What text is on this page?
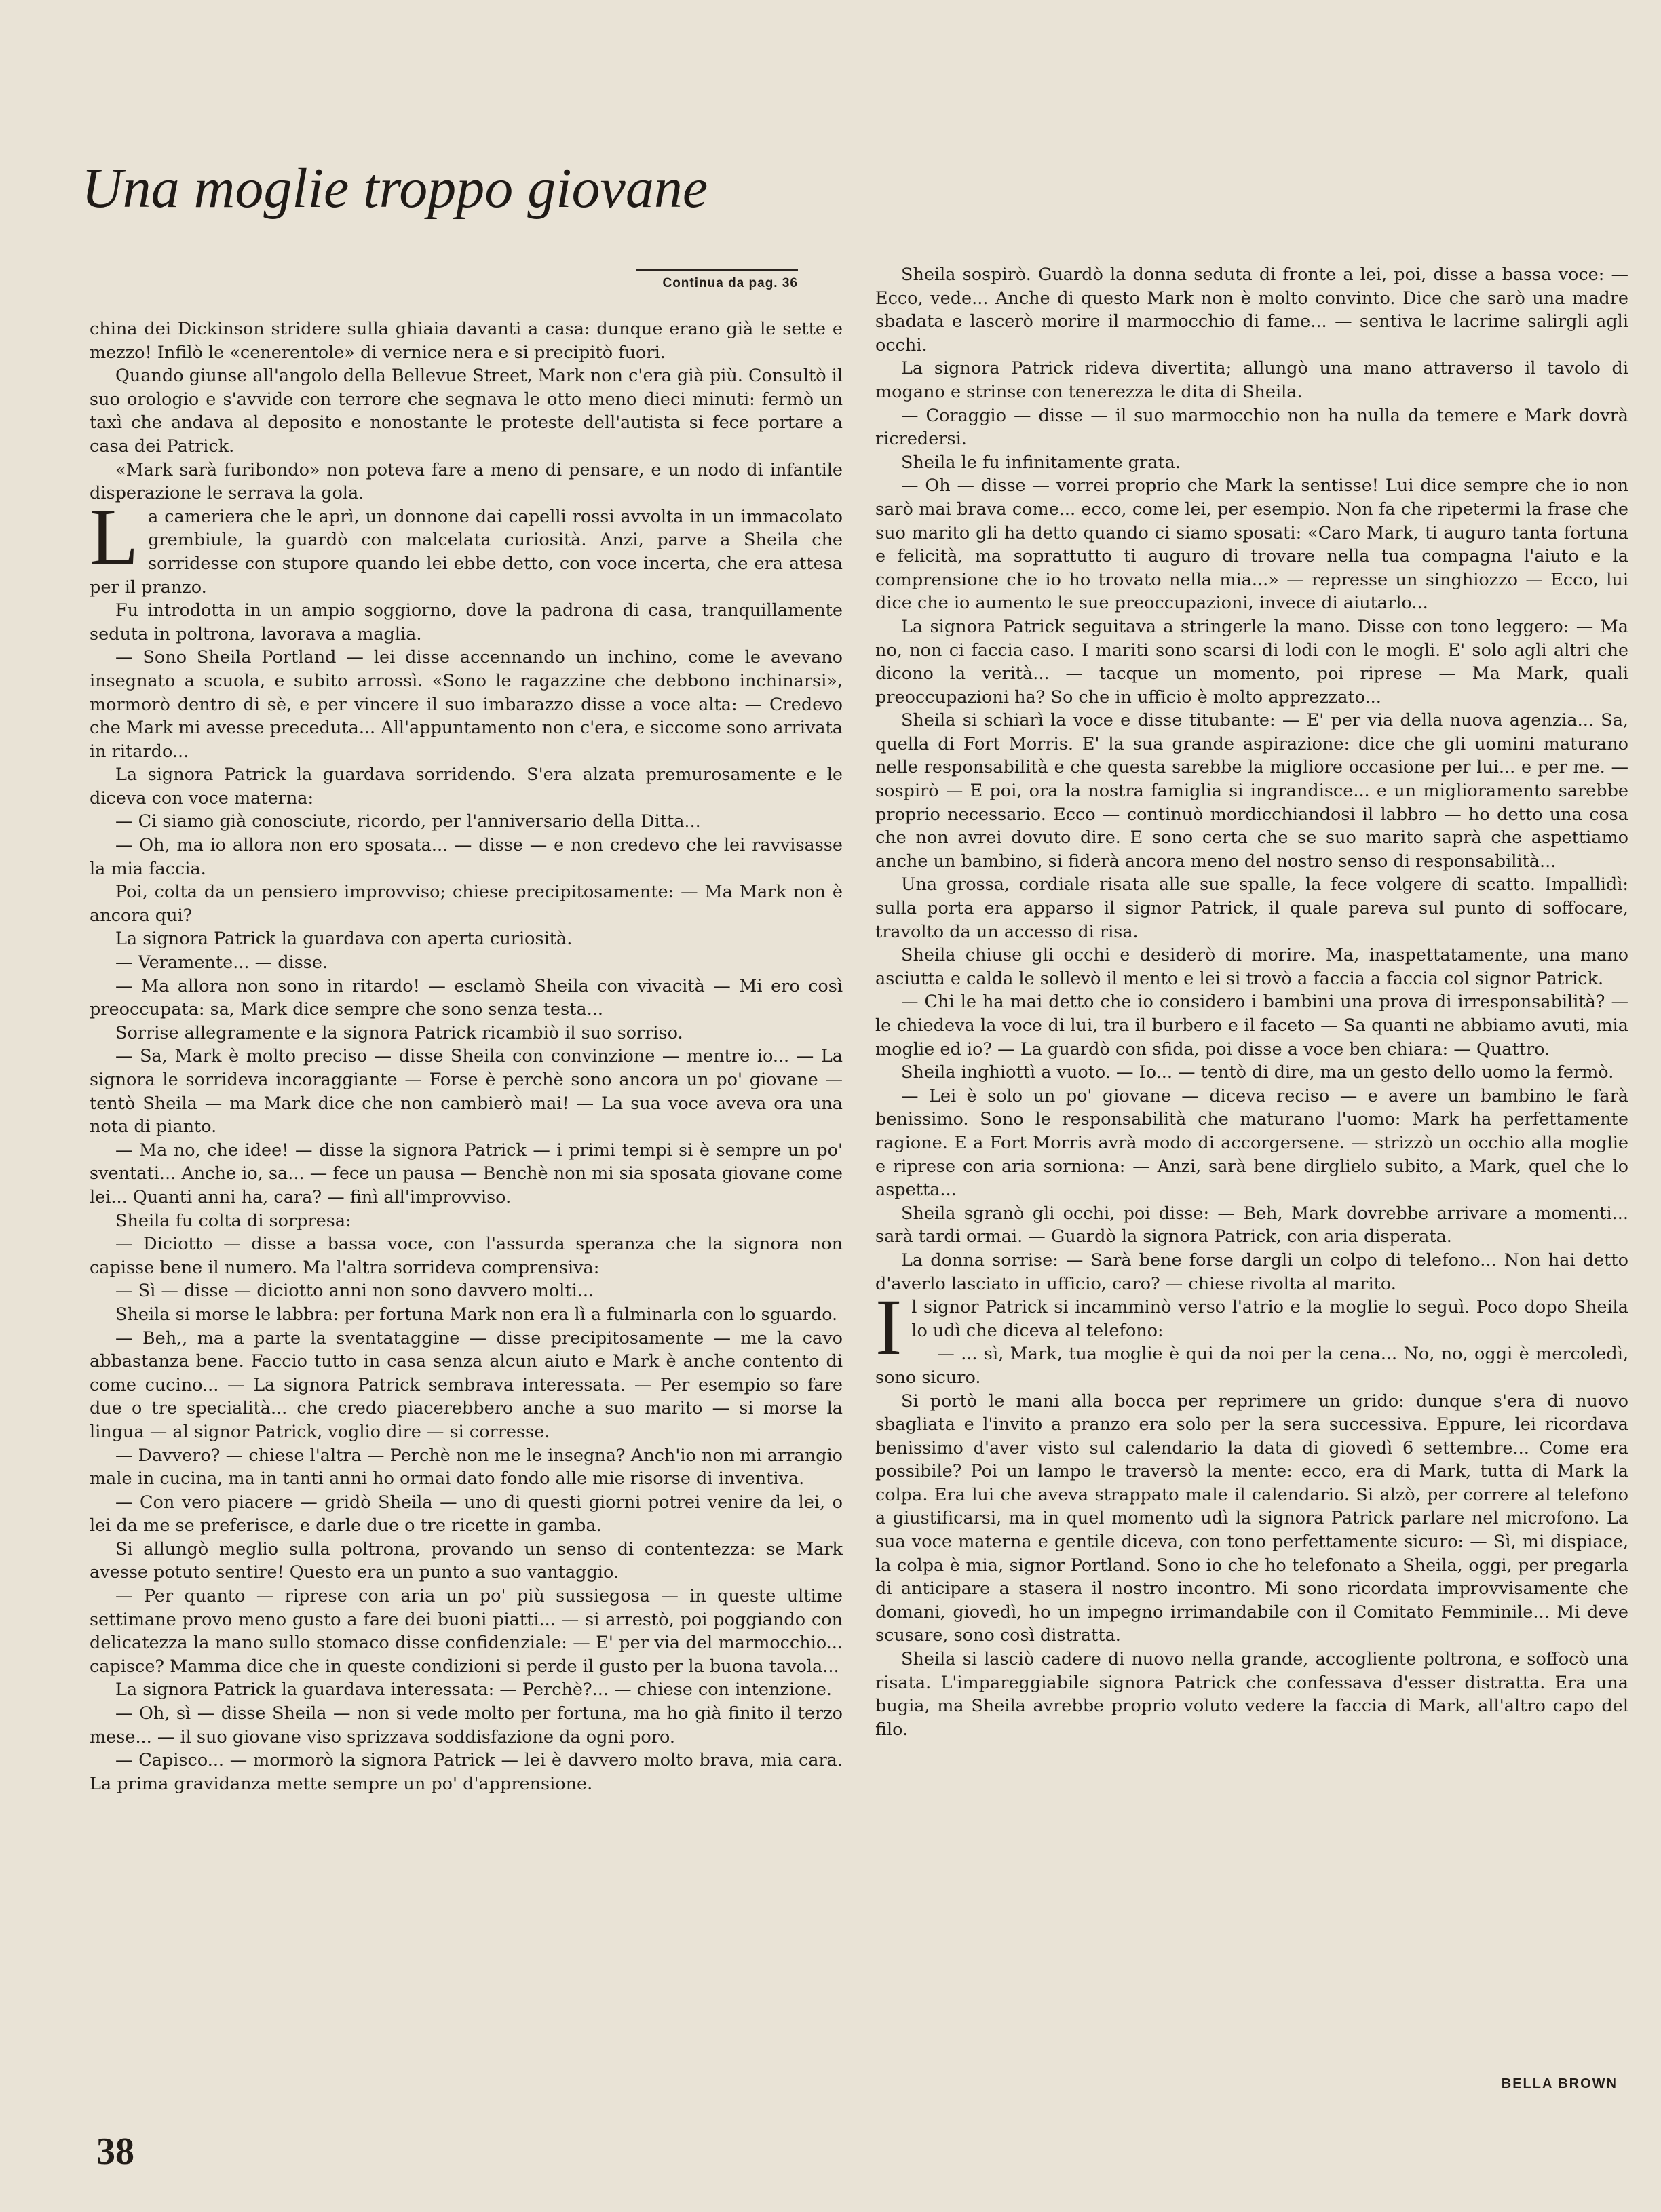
Una moglie troppo giovane
Continua da pag. 36

china dei Dickinson stridere sulla ghiaia davanti a casa: dunque erano già le sette e mezzo! Infilò le «cenerentole» di vernice nera e si precipitò fuori.

Quando giunse all'angolo della Bellevue Street, Mark non c'era già più. Consultò il suo orologio e s'avvide con terrore che segnava le otto meno dieci minuti: fermò un taxì che andava al deposito e nonostante le proteste dell'autista si fece portare a casa dei Patrick.

«Mark sarà furibondo» non poteva fare a meno di pensare, e un nodo di infantile disperazione le serrava la gola.

La cameriera che le aprì, un donnone dai capelli rossi avvolta in un immacolato grembiule, la guardò con malcelata curiosità. Anzi, parve a Sheila che sorridesse con stupore quando lei ebbe detto, con voce incerta, che era attesa per il pranzo.

Fu introdotta in un ampio soggiorno, dove la padrona di casa, tranquillamente seduta in poltrona, lavorava a maglia.

— Sono Sheila Portland — lei disse accennando un inchino, come le avevano insegnato a scuola, e subito arrossì. «Sono le ragazzine che debbono inchinarsi», mormorò dentro di sè, e per vincere il suo imbarazzo disse a voce alta: — Credevo che Mark mi avesse preceduta... All'appuntamento non c'era, e siccome sono arrivata in ritardo...

La signora Patrick la guardava sorridendo. S'era alzata premurosamente e le diceva con voce materna:

— Ci siamo già conosciute, ricordo, per l'anniversario della Ditta...

— Oh, ma io allora non ero sposata... — disse — e non credevo che lei ravvisasse la mia faccia.

Poi, colta da un pensiero improvviso; chiese precipitosamente: — Ma Mark non è ancora qui?

La signora Patrick la guardava con aperta curiosità.

— Veramente... — disse.

— Ma allora non sono in ritardo! — esclamò Sheila con vivacità — Mi ero così preoccupata: sa, Mark dice sempre che sono senza testa...

Sorrise allegramente e la signora Patrick ricambiò il suo sorriso.

— Sa, Mark è molto preciso — disse Sheila con convinzione — mentre io... — La signora le sorrideva incoraggiante — Forse è perchè sono ancora un po' giovane — tentò Sheila — ma Mark dice che non cambierò mai! — La sua voce aveva ora una nota di pianto.

— Ma no, che idee! — disse la signora Patrick — i primi tempi si è sempre un po' sventati... Anche io, sa... — fece un pausa — Benchè non mi sia sposata giovane come lei... Quanti anni ha, cara? — finì all'improvviso.

Sheila fu colta di sorpresa:

— Diciotto — disse a bassa voce, con l'assurda speranza che la signora non capisse bene il numero. Ma l'altra sorrideva comprensiva:

— Sì — disse — diciotto anni non sono davvero molti...

Sheila si morse le labbra: per fortuna Mark non era lì a fulminarla con lo sguardo.

— Beh,, ma a parte la sventataggine — disse precipitosamente — me la cavo abbastanza bene. Faccio tutto in casa senza alcun aiuto e Mark è anche contento di come cucino... — La signora Patrick sembrava interessata. — Per esempio so fare due o tre specialità... che credo piacerebbero anche a suo marito — si morse la lingua — al signor Patrick, voglio dire — si corresse.

— Davvero? — chiese l'altra — Perchè non me le insegna? Anch'io non mi arrangio male in cucina, ma in tanti anni ho ormai dato fondo alle mie risorse di inventiva.

— Con vero piacere — gridò Sheila — uno di questi giorni potrei venire da lei, o lei da me se preferisce, e darle due o tre ricette in gamba.

Si allungò meglio sulla poltrona, provando un senso di contentezza: se Mark avesse potuto sentire! Questo era un punto a suo vantaggio.

— Per quanto — riprese con aria un po' più sussiegosa — in queste ultime settimane provo meno gusto a fare dei buoni piatti... — si arrestò, poi poggiando con delicatezza la mano sullo stomaco disse confidenziale: — E' per via del marmocchio... capisce? Mamma dice che in queste condizioni si perde il gusto per la buona tavola...

La signora Patrick la guardava interessata: — Perchè?... — chiese con intenzione.

— Oh, sì — disse Sheila — non si vede molto per fortuna, ma ho già finito il terzo mese... — il suo giovane viso sprizzava soddisfazione da ogni poro.

— Capisco... — mormorò la signora Patrick — lei è davvero molto brava, mia cara. La prima gravidanza mette sempre un po' d'apprensione.

Sheila sospirò. Guardò la donna seduta di fronte a lei, poi, disse a bassa voce: — Ecco, vede... Anche di questo Mark non è molto convinto. Dice che sarò una madre sbadata e lascerò morire il marmocchio di fame... — sentiva le lacrime salirgli agli occhi.

La signora Patrick rideva divertita; allungò una mano attraverso il tavolo di mogano e strinse con tenerezza le dita di Sheila.

— Coraggio — disse — il suo marmocchio non ha nulla da temere e Mark dovrà ricredersi.

Sheila le fu infinitamente grata.

— Oh — disse — vorrei proprio che Mark la sentisse! Lui dice sempre che io non sarò mai brava come... ecco, come lei, per esempio. Non fa che ripetermi la frase che suo marito gli ha detto quando ci siamo sposati: «Caro Mark, ti auguro tanta fortuna e felicità, ma soprattutto ti auguro di trovare nella tua compagna l'aiuto e la comprensione che io ho trovato nella mia...» — represse un singhiozzo — Ecco, lui dice che io aumento le sue preoccupazioni, invece di aiutarlo...

La signora Patrick seguitava a stringerle la mano. Disse con tono leggero: — Ma no, non ci faccia caso. I mariti sono scarsi di lodi con le mogli. E' solo agli altri che dicono la verità... — tacque un momento, poi riprese — Ma Mark, quali preoccupazioni ha? So che in ufficio è molto apprezzato...

Sheila si schiarì la voce e disse titubante: — E' per via della nuova agenzia... Sa, quella di Fort Morris. E' la sua grande aspirazione: dice che gli uomini maturano nelle responsabilità e che questa sarebbe la migliore occasione per lui... e per me. — sospirò — E poi, ora la nostra famiglia si ingrandisce... e un miglioramento sarebbe proprio necessario. Ecco — continuò mordicchiandosi il labbro — ho detto una cosa che non avrei dovuto dire. E sono certa che se suo marito saprà che aspettiamo anche un bambino, si fiderà ancora meno del nostro senso di responsabilità...

Una grossa, cordiale risata alle sue spalle, la fece volgere di scatto. Impallidì: sulla porta era apparso il signor Patrick, il quale pareva sul punto di soffocare, travolto da un accesso di risa.

Sheila chiuse gli occhi e desiderò di morire. Ma, inaspettatamente, una mano asciutta e calda le sollevò il mento e lei si trovò a faccia a faccia col signor Patrick.

— Chi le ha mai detto che io considero i bambini una prova di irresponsabilità? — le chiedeva la voce di lui, tra il burbero e il faceto — Sa quanti ne abbiamo avuti, mia moglie ed io? — La guardò con sfida, poi disse a voce ben chiara: — Quattro.

Sheila inghiottì a vuoto. — Io... — tentò di dire, ma un gesto dello uomo la fermò.

— Lei è solo un po' giovane — diceva reciso — e avere un bambino le farà benissimo. Sono le responsabilità che maturano l'uomo: Mark ha perfettamente ragione. E a Fort Morris avrà modo di accorgersene. — strizzò un occhio alla moglie e riprese con aria sorniona: — Anzi, sarà bene dirglielo subito, a Mark, quel che lo aspetta...

Sheila sgranò gli occhi, poi disse: — Beh, Mark dovrebbe arrivare a momenti... sarà tardi ormai. — Guardò la signora Patrick, con aria disperata.

La donna sorrise: — Sarà bene forse dargli un colpo di telefono... Non hai detto d'averlo lasciato in ufficio, caro? — chiese rivolta al marito.

Il signor Patrick si incamminò verso l'atrio e la moglie lo seguì. Poco dopo Sheila lo udì che diceva al telefono:

— ... sì, Mark, tua moglie è qui da noi per la cena... No, no, oggi è mercoledì, sono sicuro.

Si portò le mani alla bocca per reprimere un grido: dunque s'era di nuovo sbagliata e l'invito a pranzo era solo per la sera successiva. Eppure, lei ricordava benissimo d'aver visto sul calendario la data di giovedì 6 settembre... Come era possibile? Poi un lampo le traversò la mente: ecco, era di Mark, tutta di Mark la colpa. Era lui che aveva strappato male il calendario. Si alzò, per correre al telefono a giustificarsi, ma in quel momento udì la signora Patrick parlare nel microfono. La sua voce materna e gentile diceva, con tono perfettamente sicuro: — Sì, mi dispiace, la colpa è mia, signor Portland. Sono io che ho telefonato a Sheila, oggi, per pregarla di anticipare a stasera il nostro incontro. Mi sono ricordata improvvisamente che domani, giovedì, ho un impegno irrimandabile con il Comitato Femminile... Mi deve scusare, sono così distratta.

Sheila si lasciò cadere di nuovo nella grande, accogliente poltrona, e soffocò una risata. L'impareggiabile signora Patrick che confessava d'esser distratta. Era una bugia, ma Sheila avrebbe proprio voluto vedere la faccia di Mark, all'altro capo del filo.

BELLA BROWN
38
